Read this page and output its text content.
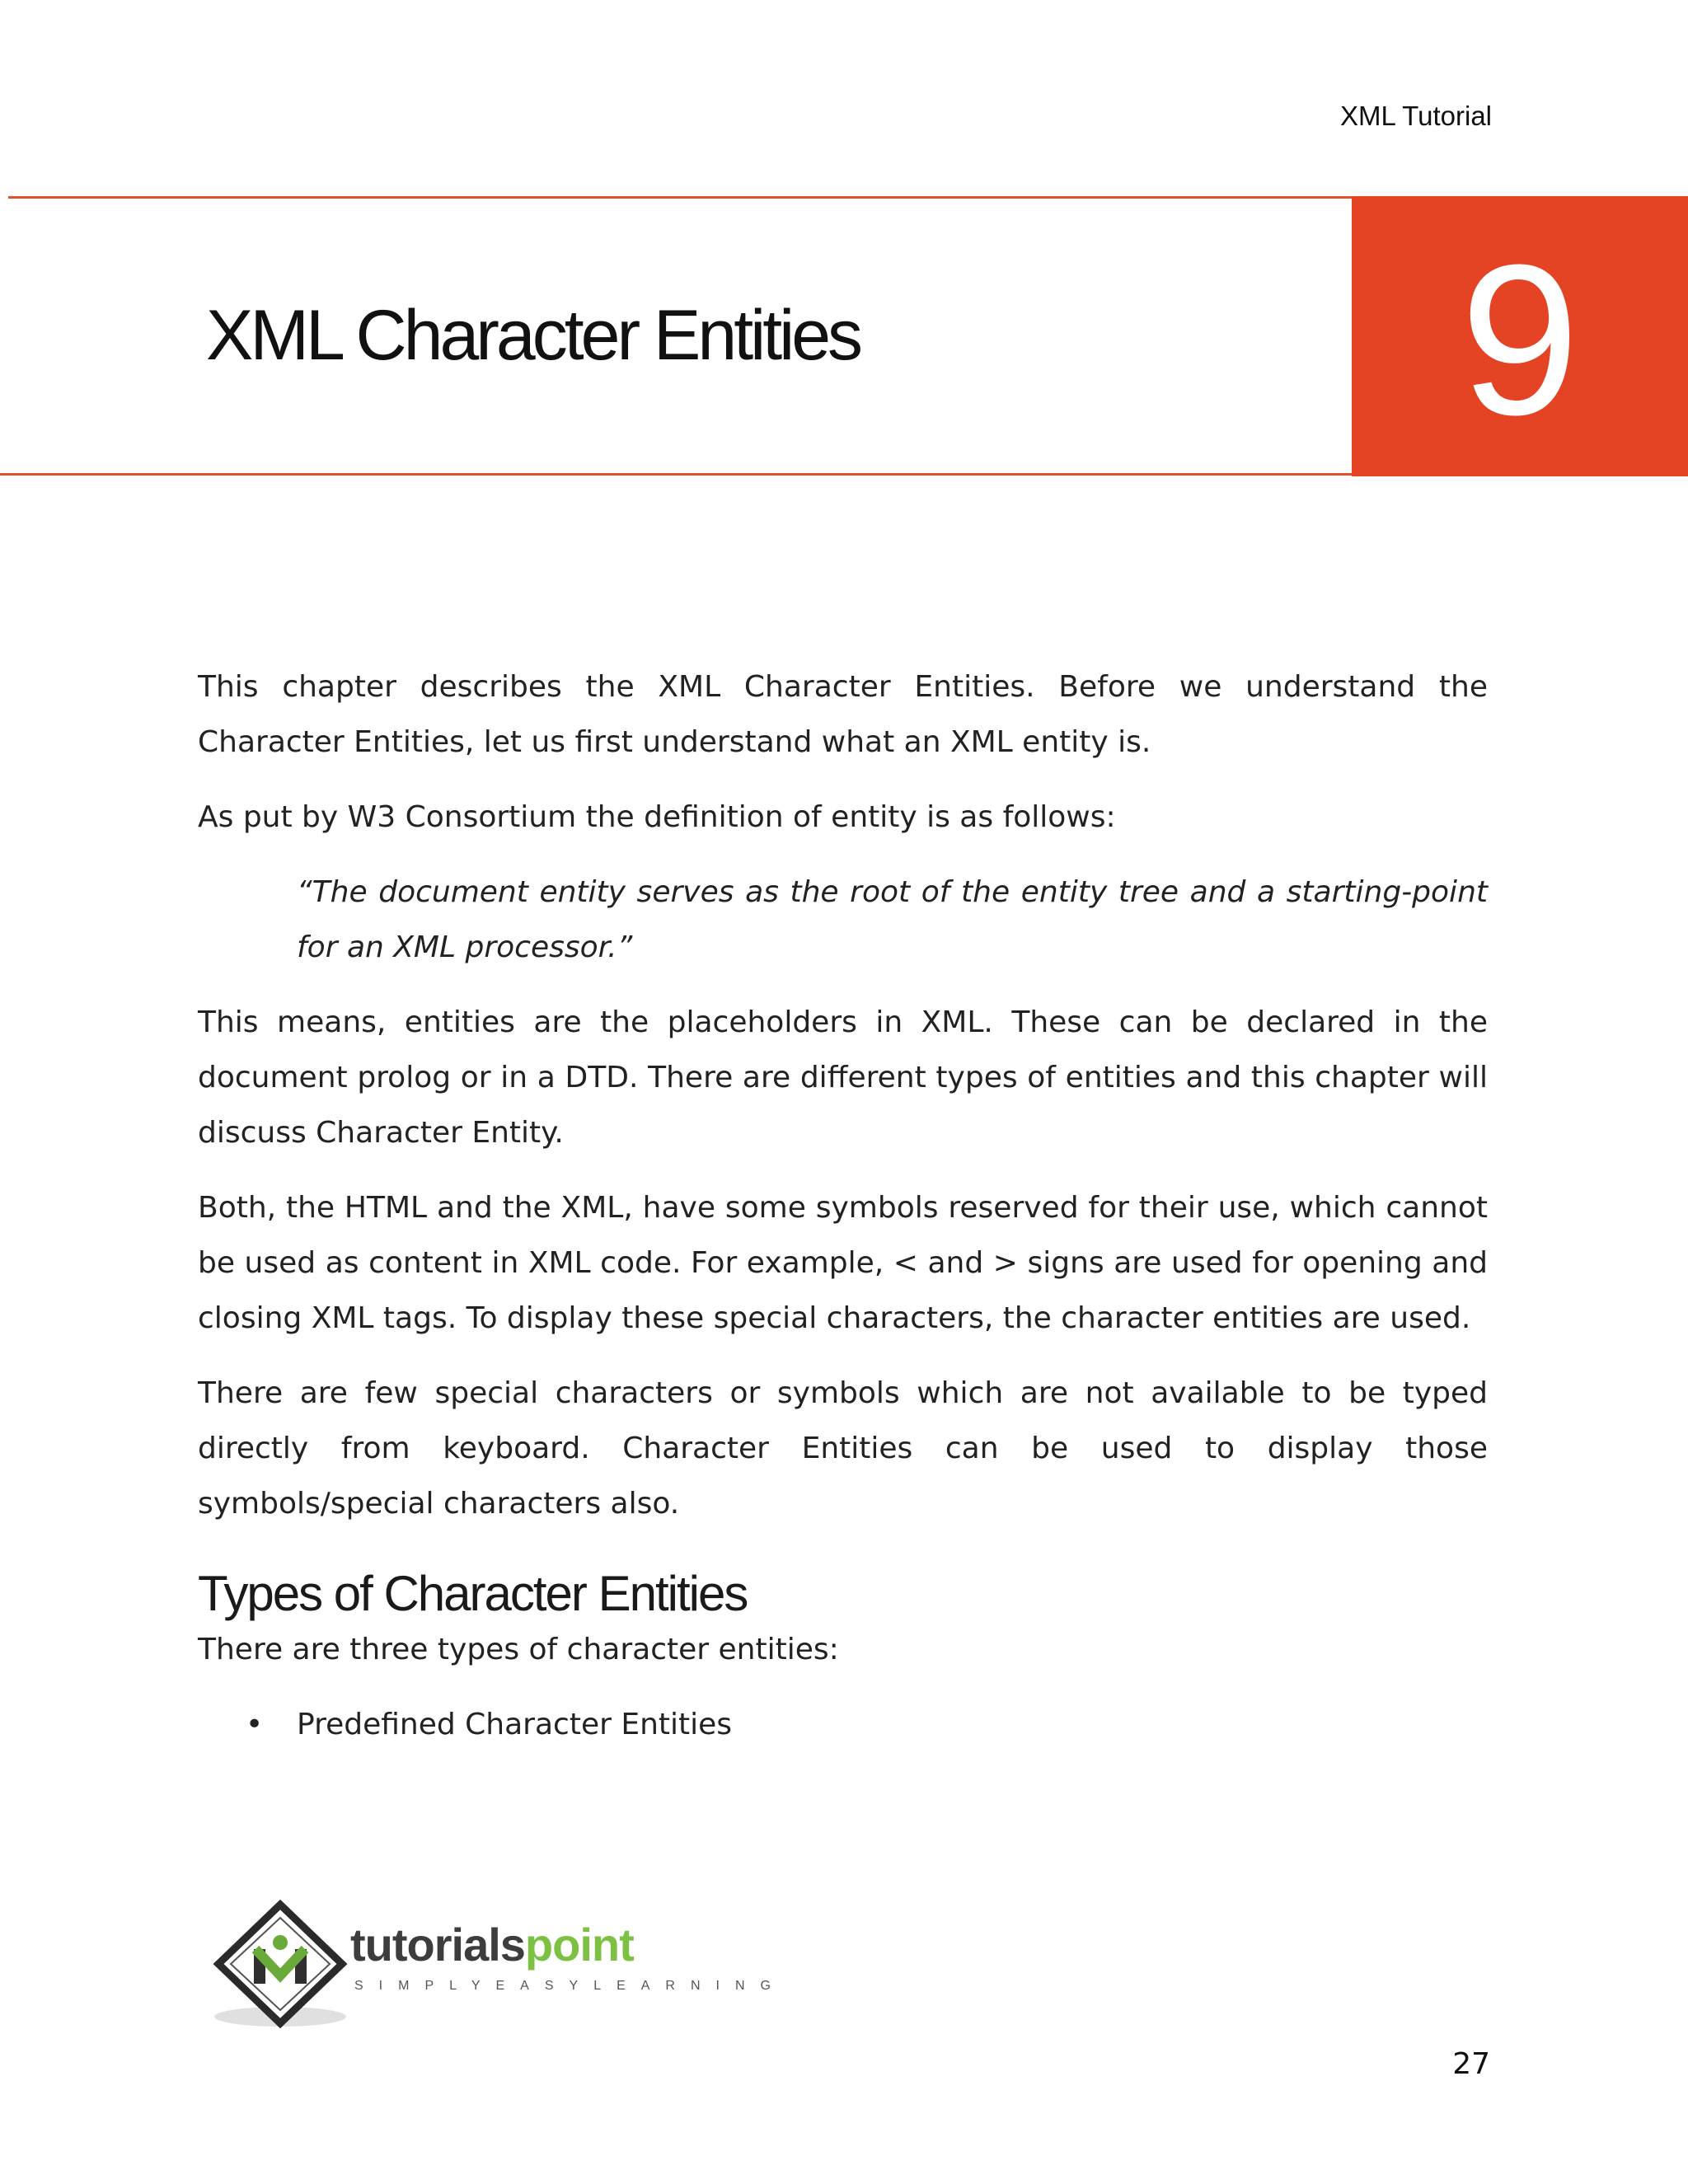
XML Tutorial
XML Character Entities	9

This chapter describes the XML Character Entities. Before we understand the Character Entities, let us first understand what an XML entity is.

As put by W3 Consortium the definition of entity is as follows:

“The document entity serves as the root of the entity tree and a starting-point for an XML processor.”

This means, entities are the placeholders in XML. These can be declared in the document prolog or in a DTD. There are different types of entities and this chapter will discuss Character Entity.

Both, the HTML and the XML, have some symbols reserved for their use, which cannot be used as content in XML code. For example, < and > signs are used for opening and closing XML tags. To display these special characters, the character entities are used.

There are few special characters or symbols which are not available to be typed directly from keyboard. Character Entities can be used to display those symbols/special characters also.

Types of Character Entities

There are three types of character entities:

• Predefined Character Entities
tutorialspoint
SIMPLYEASYLEARNING
27
